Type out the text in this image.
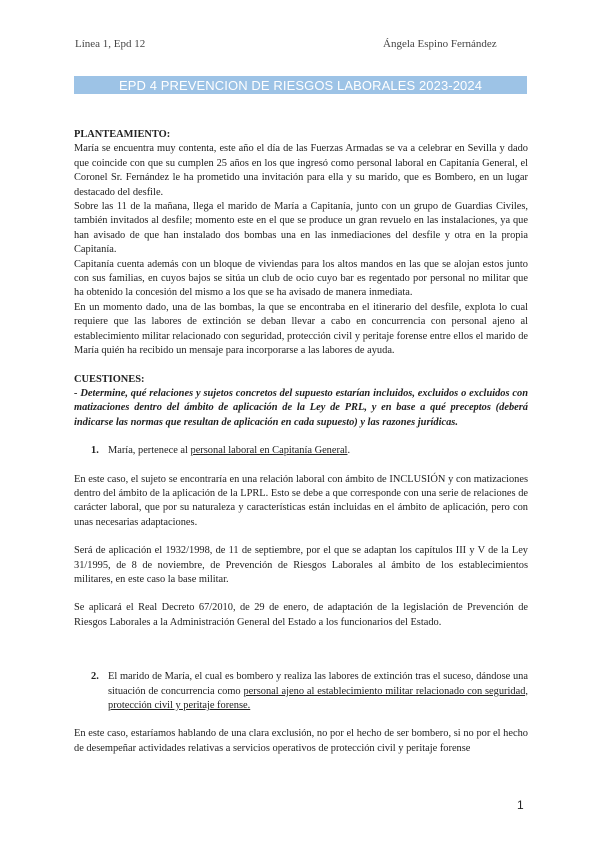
Línea 1, Epd 12	Ángela Espino Fernández
EPD 4 PREVENCION DE RIESGOS LABORALES 2023-2024

PLANTEAMIENTO:

María se encuentra muy contenta, este año el día de las Fuerzas Armadas se va a celebrar en Sevilla y dado que coincide con que su cumplen 25 años en los que ingresó como personal laboral en Capitanía General, el Coronel Sr. Fernández le ha prometido una invitación para ella y su marido, que es Bombero, en un lugar destacado del desfile.

Sobre las 11 de la mañana, llega el marido de María a Capitanía, junto con un grupo de Guardias Civiles, también invitados al desfile; momento este en el que se produce un gran revuelo en las instalaciones, ya que han avisado de que han instalado dos bombas una en las inmediaciones del desfile y otra en la propia Capitanía.

Capitanía cuenta además con un bloque de viviendas para los altos mandos en las que se alojan estos junto con sus familias, en cuyos bajos se sitúa un club de ocio cuyo bar es regentado por personal no militar que ha obtenido la concesión del mismo a los que se ha avisado de manera inmediata.

En un momento dado, una de las bombas, la que se encontraba en el itinerario del desfile, explota lo cual requiere que las labores de extinción se deban llevar a cabo en concurrencia con personal ajeno al establecimiento militar relacionado con seguridad, protección civil y peritaje forense entre ellos el marido de María quién ha recibido un mensaje para incorporarse a las labores de ayuda.

CUESTIONES:

- Determine, qué relaciones y sujetos concretos del supuesto estarían incluidos, excluidos o excluidos con matizaciones dentro del ámbito de aplicación de la Ley de PRL, y en base a qué preceptos (deberá indicarse las normas que resultan de aplicación en cada supuesto) y las razones jurídicas.

1. María, pertenece al personal laboral en Capitanía General.

En este caso, el sujeto se encontraría en una relación laboral con ámbito de INCLUSIÓN y con matizaciones dentro del ámbito de la aplicación de la LPRL. Esto se debe a que corresponde con una serie de relaciones de carácter laboral, que por su naturaleza y características están incluidas en el ámbito de aplicación, pero con unas necesarias adaptaciones.

Será de aplicación el 1932/1998, de 11 de septiembre, por el que se adaptan los capítulos III y V de la Ley 31/1995, de 8 de noviembre, de Prevención de Riesgos Laborales al ámbito de los establecimientos militares, en este caso la base militar.

Se aplicará el Real Decreto 67/2010, de 29 de enero, de adaptación de la legislación de Prevención de Riesgos Laborales a la Administración General del Estado a los funcionarios del Estado.

2. El marido de María, el cual es bombero y realiza las labores de extinción tras el suceso, dándose una situación de concurrencia como personal ajeno al establecimiento militar relacionado con seguridad, protección civil y peritaje forense.

En este caso, estaríamos hablando de una clara exclusión, no por el hecho de ser bombero, si no por el hecho de desempeñar actividades relativas a servicios operativos de protección civil y peritaje forense

1
